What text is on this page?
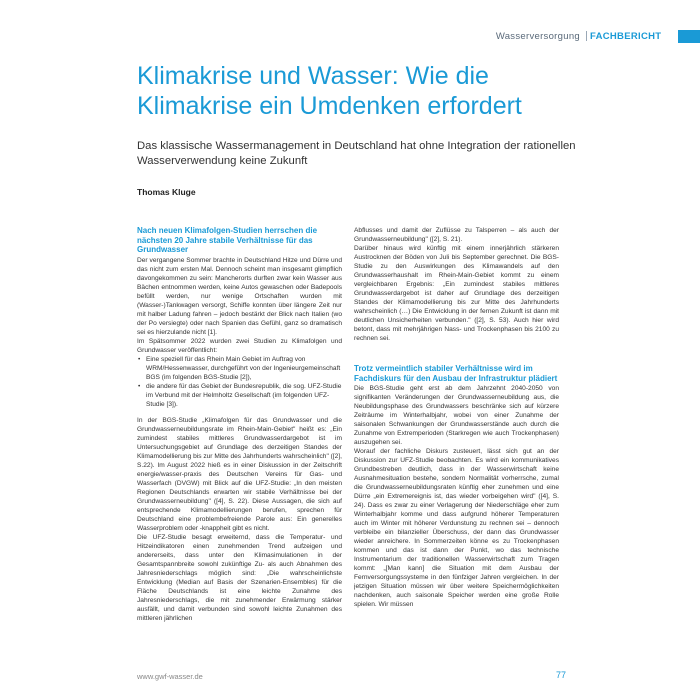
Wasserversorgung FACHBERICHT
Klimakrise und Wasser: Wie die Klimakrise ein Umdenken erfordert

Das klassische Wassermanagement in Deutschland hat ohne Integration der rationellen Wasserverwendung keine Zukunft

Thomas Kluge

Nach neuen Klimafolgen-Studien herrschen die nächsten 20 Jahre stabile Verhältnisse für das Grundwasser

Der vergangene Sommer brachte in Deutschland Hitze und Dürre und das nicht zum ersten Mal. Dennoch scheint man insgesamt glimpflich davongekommen zu sein: Mancherorts durften zwar kein Wasser aus Bächen entnommen werden, keine Autos gewaschen oder Badepools befüllt werden, nur wenige Ortschaften wurden mit (Wasser-)Tankwagen versorgt, Schiffe konnten über längere Zeit nur mit halber Ladung fahren – jedoch bestärkt der Blick nach Italien (wo der Po versiegte) oder nach Spanien das Gefühl, ganz so dramatisch sei es hierzulande nicht [1].

Im Spätsommer 2022 wurden zwei Studien zu Klimafolgen und Grundwasser veröffentlicht:

• Eine speziell für das Rhein Main Gebiet im Auftrag von WRM/Hessenwasser, durchgeführt von der Ingenieurgemeinschaft BGS (im folgenden BGS-Studie [2]),
• die andere für das Gebiet der Bundesrepublik, die sog. UFZ-Studie im Verbund mit der Helmholtz Gesellschaft (im folgenden UFZ- Studie [3]).

In der BGS-Studie „Klimafolgen für das Grundwasser und die Grundwasserneubildungsrate im Rhein-Main-Gebiet" heißt es: „Ein zumindest stabiles mittleres Grundwasserdargebot ist im Untersuchungsgebiet auf Grundlage des derzeitigen Standes der Klimamodellierung bis zur Mitte des Jahrhunderts wahrscheinlich" ([2], S.22). Im August 2022 hieß es in einer Diskussion in der Zeitschrift energie/wasser-praxis des Deutschen Vereins für Gas- und Wasserfach (DVGW) mit Blick auf die UFZ-Studie: „In den meisten Regionen Deutschlands erwarten wir stabile Verhältnisse bei der Grundwasserneubildung" ([4], S. 22). Diese Aussagen, die sich auf entsprechende Klimamodellierungen berufen, sprechen für Deutschland eine problembefreiende Parole aus: Ein generelles Wasserproblem oder -knappheit gibt es nicht.

Die UFZ-Studie besagt erweiternd, dass die Temperatur- und Hitzeindikatoren einen zunehmenden Trend aufzeigen und andererseits, dass unter den Klimasimulationen in der Gesamtspannbreite sowohl zukünftige Zu- als auch Abnahmen des Jahresniederschlags möglich sind: „Die wahrscheinlichste Entwicklung (Median auf Basis der Szenarien-Ensembles) für die Fläche Deutschlands ist eine leichte Zunahme des Jahresniederschlags, die mit zunehmender Erwärmung stärker ausfällt, und damit verbunden sind sowohl leichte Zunahmen des mittleren jährlichen

Abflusses und damit der Zuflüsse zu Talsperren – als auch der Grundwasserneubildung" ([2], S. 21).

Darüber hinaus wird künftig mit einem innerjährlich stärkeren Austrocknen der Böden von Juli bis September gerechnet. Die BGS-Studie zu den Auswirkungen des Klimawandels auf den Grundwasserhaushalt im Rhein-Main-Gebiet kommt zu einem vergleichbaren Ergebnis: „Ein zumindest stabiles mittleres Grundwasserdargebot ist daher auf Grundlage des derzeitigen Standes der Klimamodellierung bis zur Mitte des Jahrhunderts wahrscheinlich (…) Die Entwicklung in der fernen Zukunft ist dann mit deutlichen Unsicherheiten verbunden." ([2], S. 53). Auch hier wird betont, dass mit mehrjährigen Nass- und Trockenphasen bis 2100 zu rechnen sei.

Trotz vermeintlich stabiler Verhältnisse wird im Fachdiskurs für den Ausbau der Infrastruktur plädiert

Die BGS-Studie geht erst ab dem Jahrzehnt 2040-2050 von signifikanten Veränderungen der Grundwasserneubildung aus, die Neubildungsphase des Grundwassers beschränke sich auf kürzere Zeiträume im Winterhalbjahr, wobei von einer Zunahme der saisonalen Schwankungen der Grundwasserstände auch durch die Zunahme von Extremperioden (Starkregen wie auch Trockenphasen) auszugehen sei.

Worauf der fachliche Diskurs zusteuert, lässt sich gut an der Diskussion zur UFZ-Studie beobachten. Es wird ein kommunikatives Grundbestreben deutlich, dass in der Wasserwirtschaft keine Ausnahmesituation bestehe, sondern Normalität vorherrsche, zumal die Grundwasserneubildungsraten künftig eher zunehmen und eine Dürre „ein Extremereignis ist, das wieder vorbeigehen wird" ([4], S. 24). Dass es zwar zu einer Verlagerung der Niederschläge eher zum Winterhalbjahr komme und dass aufgrund höherer Temperaturen auch im Winter mit höherer Verdunstung zu rechnen sei – dennoch verbleibe ein bilanzieller Überschuss, der dann das Grundwasser wieder anreichere. In Sommerzeiten könne es zu Trockenphasen kommen und das ist dann der Punkt, wo das technische Instrumentarium der traditionellen Wasserwirtschaft zum Tragen kommt: „[Man kann] die Situation mit dem Ausbau der Fernversorgungssysteme in den fünfziger Jahren vergleichen. In der jetzigen Situation müssen wir über weitere Speichermöglichkeiten nachdenken, auch saisonale Speicher werden eine große Rolle spielen. Wir müssen

www.gwf-wasser.de	77
